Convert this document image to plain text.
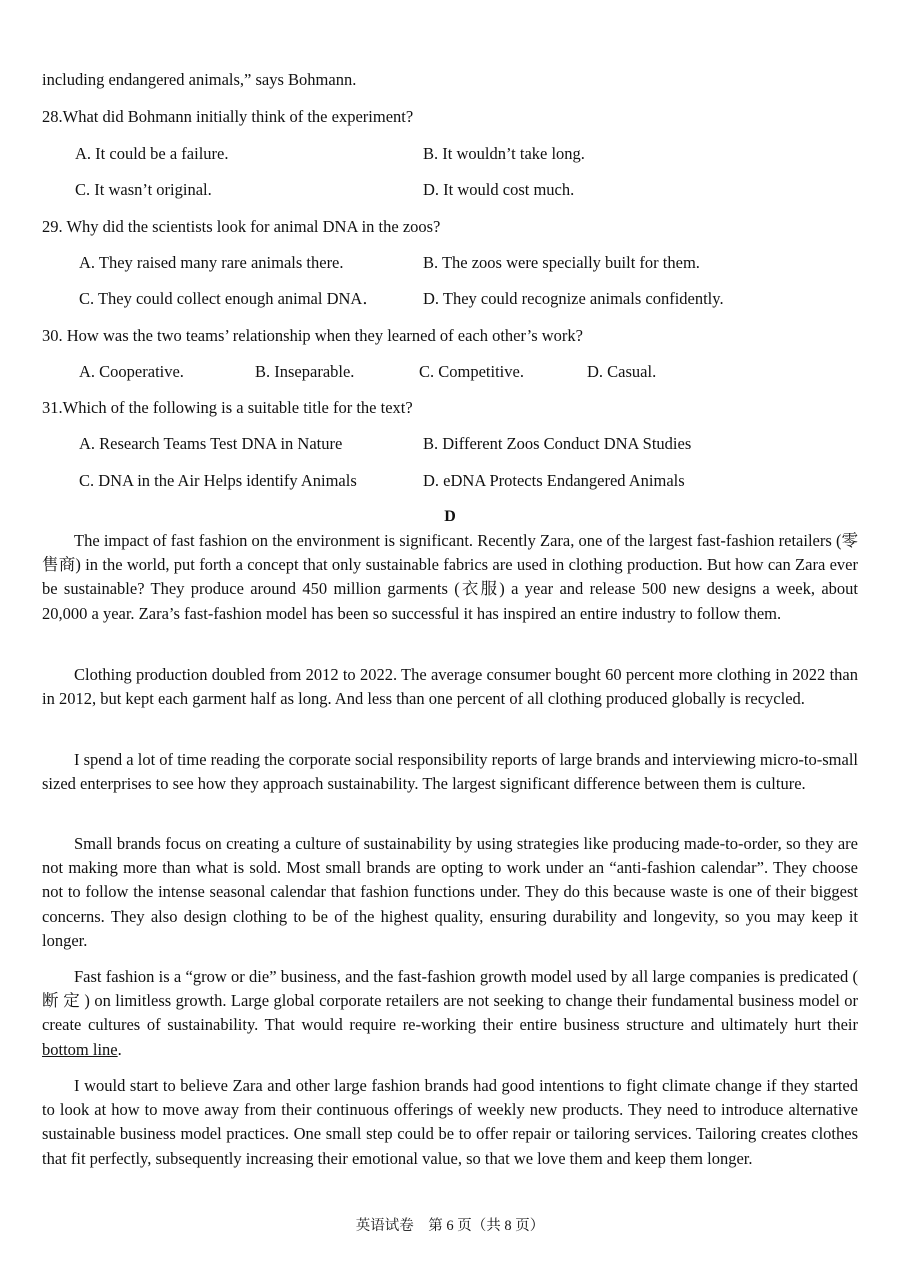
including endangered animals,” says Bohmann.
28.What did Bohmann initially think of the experiment?
A. It could be a failure.	B. It wouldn’t take long.
C. It wasn’t original.	D. It would cost much.
29. Why did the scientists look for animal DNA in the zoos?
A. They raised many rare animals there.	B. The zoos were specially built for them.
C. They could collect enough animal DNA．	D. They could recognize animals confidently.
30. How was the two teams’ relationship when they learned of each other’s work?
A. Cooperative.	B. Inseparable.	C. Competitive.	D. Casual.
31.Which of the following is a suitable title for the text?
A. Research Teams Test DNA in Nature	B. Different Zoos Conduct DNA Studies
C. DNA in the Air Helps identify Animals	D. eDNA Protects Endangered Animals
D

The impact of fast fashion on the environment is significant. Recently Zara, one of the largest fast-fashion retailers (零售商) in the world, put forth a concept that only sustainable fabrics are used in clothing production. But how can Zara ever be sustainable? They produce around 450 million garments (衣服) a year and release 500 new designs a week, about 20,000 a year. Zara’s fast-fashion model has been so successful it has inspired an entire industry to follow them.

Clothing production doubled from 2012 to 2022. The average consumer bought 60 percent more clothing in 2022 than in 2012, but kept each garment half as long. And less than one percent of all clothing produced globally is recycled.

I spend a lot of time reading the corporate social responsibility reports of large brands and interviewing micro-to-small sized enterprises to see how they approach sustainability. The largest significant difference between them is culture.

Small brands focus on creating a culture of sustainability by using strategies like producing made-to-order, so they are not making more than what is sold. Most small brands are opting to work under an “anti-fashion calendar”. They choose not to follow the intense seasonal calendar that fashion functions under. They do this because waste is one of their biggest concerns. They also design clothing to be of the highest quality, ensuring durability and longevity, so you may keep it longer.

Fast fashion is a “grow or die” business, and the fast-fashion growth model used by all large companies is predicated ( 断 定 ) on limitless growth. Large global corporate retailers are not seeking to change their fundamental business model or create cultures of sustainability. That would require re-working their entire business structure and ultimately hurt their bottom line.

I would start to believe Zara and other large fashion brands had good intentions to fight climate change if they started to look at how to move away from their continuous offerings of weekly new products. They need to introduce alternative sustainable business model practices. One small step could be to offer repair or tailoring services. Tailoring creates clothes that fit perfectly, subsequently increasing their emotional value, so that we love them and keep them longer.

英语试卷　第 6 页（共 8 页）
